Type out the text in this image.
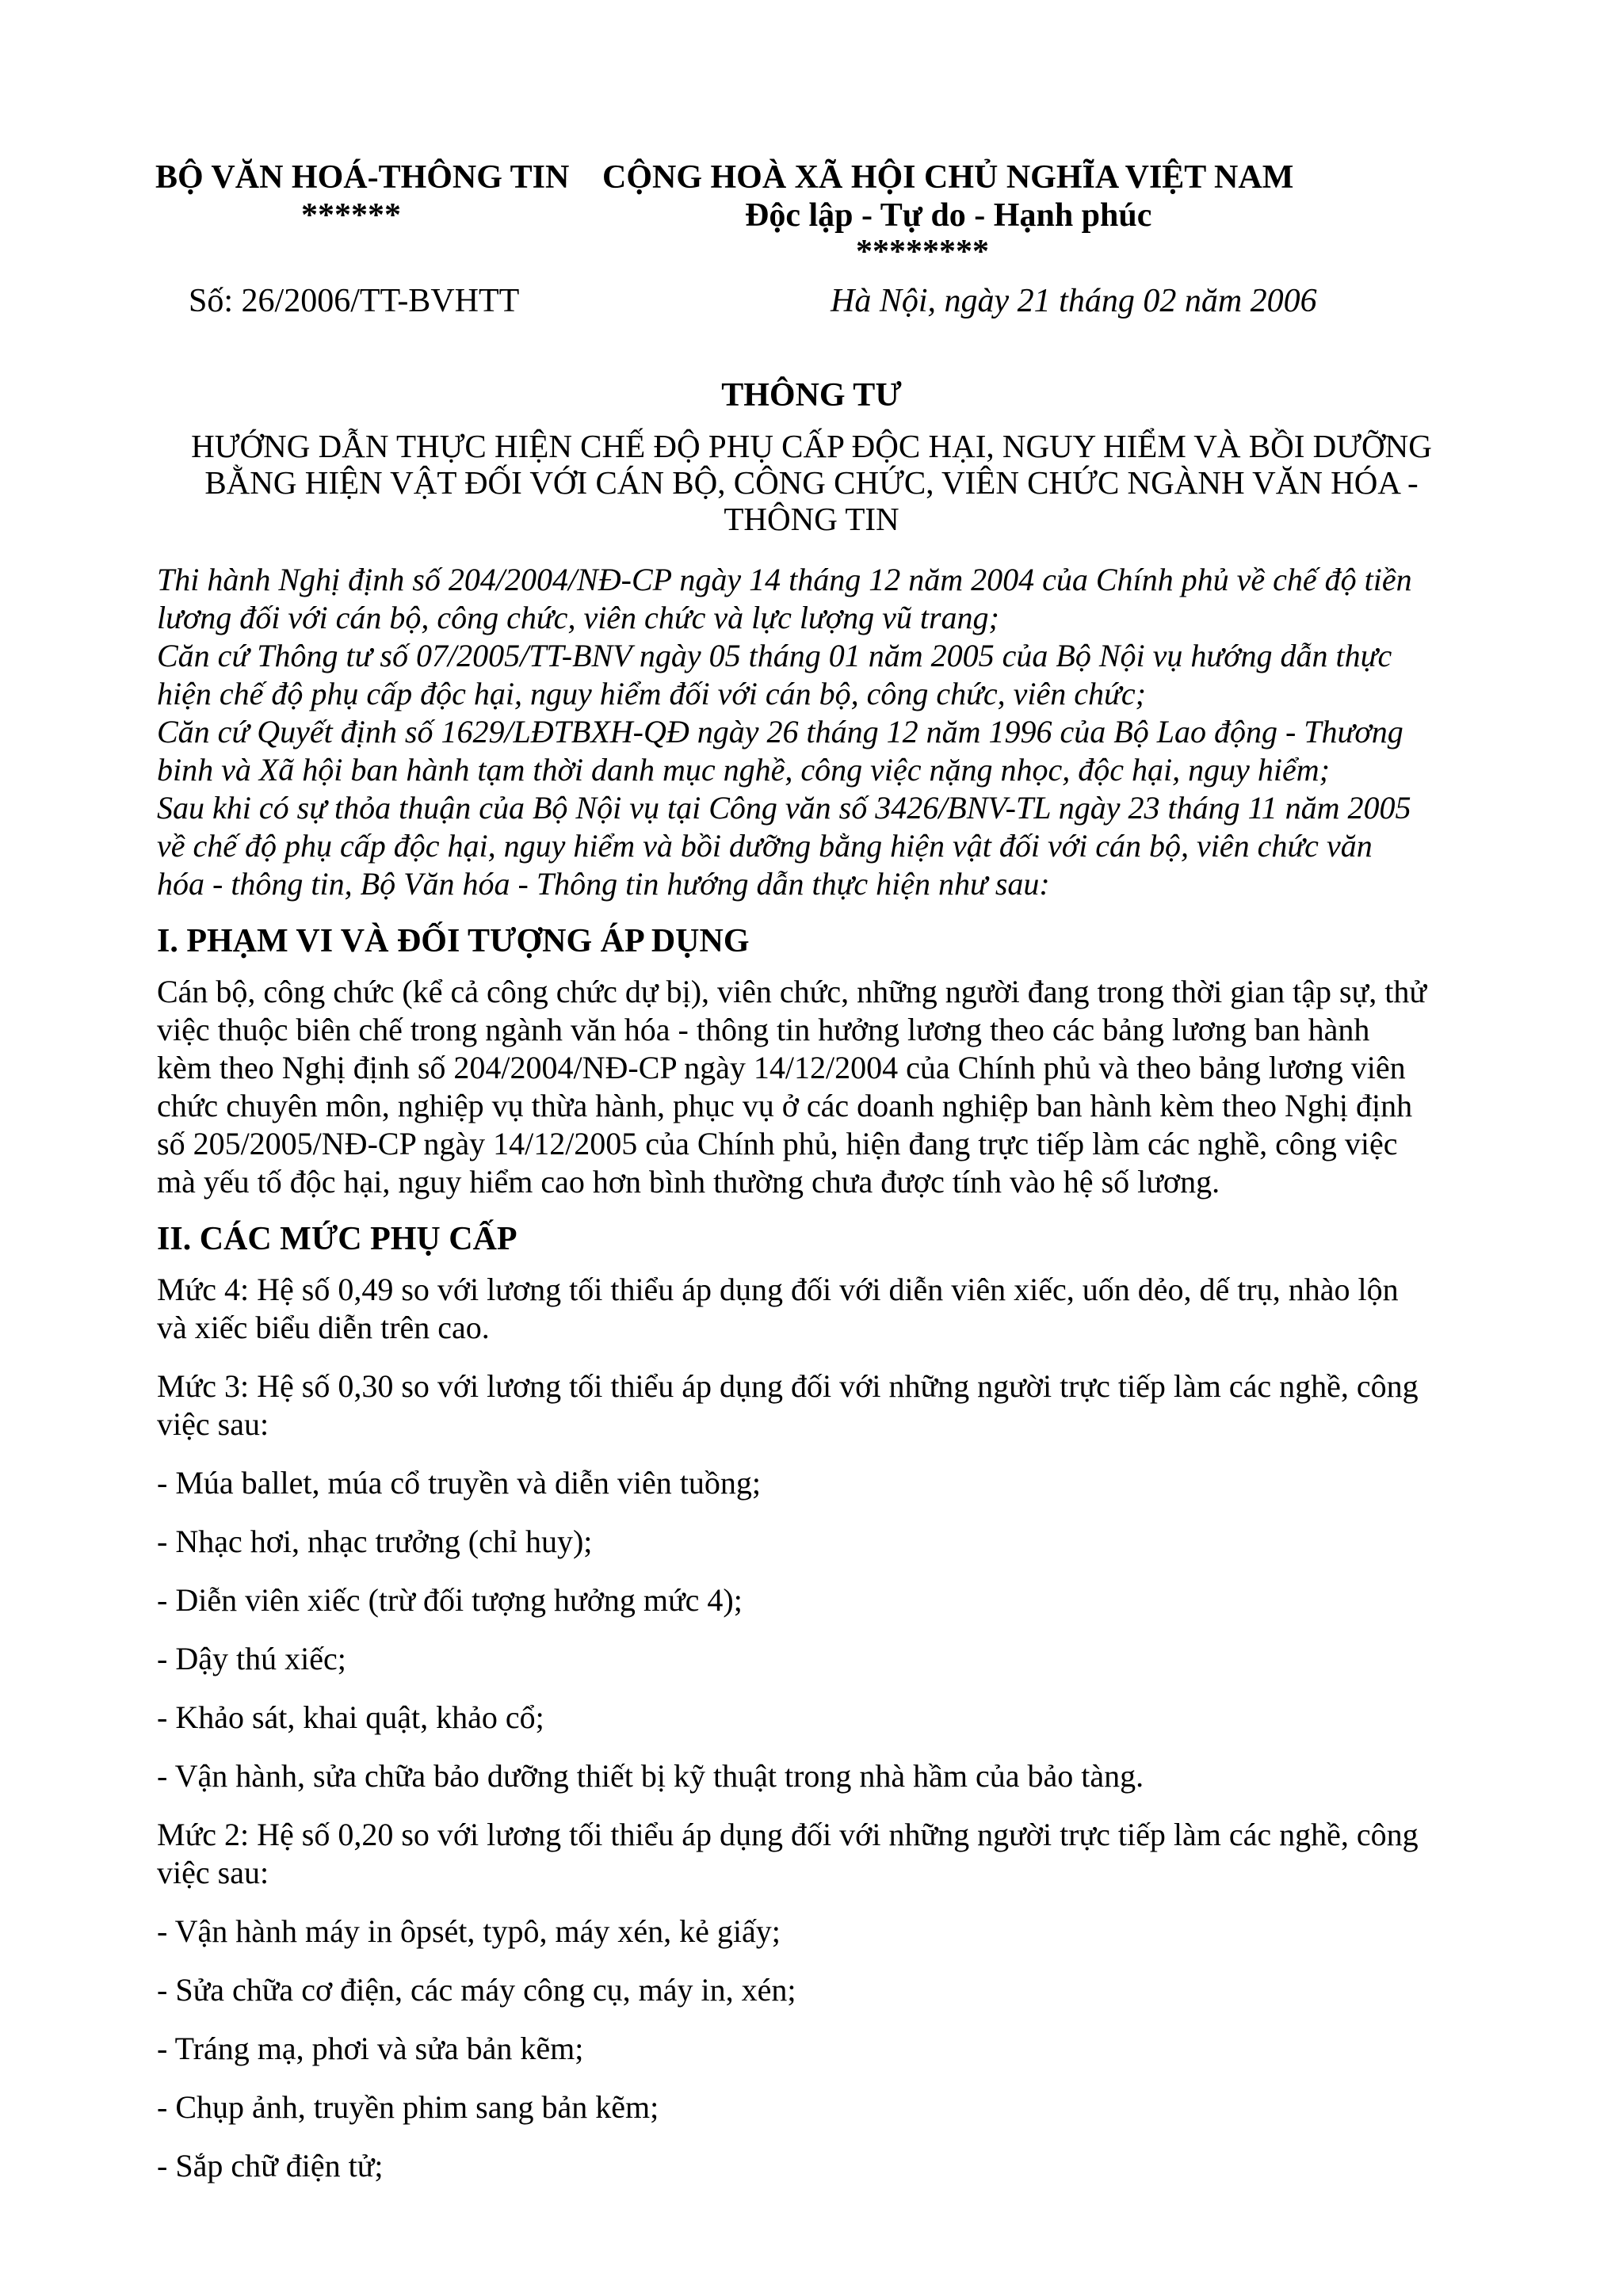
BỘ VĂN HOÁ-THÔNG TIN
******
CỘNG HOÀ XÃ HỘI CHỦ NGHĨA VIỆT NAM
Độc lập - Tự do - Hạnh phúc
********
Số: 26/2006/TT-BVHTT	Hà Nội, ngày 21 tháng 02 năm 2006
THÔNG TƯ
HƯỚNG DẪN THỰC HIỆN CHẾ ĐỘ PHỤ CẤP ĐỘC HẠI, NGUY HIỂM VÀ BỒI DƯỠNG
BẰNG HIỆN VẬT ĐỐI VỚI CÁN BỘ, CÔNG CHỨC, VIÊN CHỨC NGÀNH VĂN HÓA -
THÔNG TIN
Thi hành Nghị định số 204/2004/NĐ-CP ngày 14 tháng 12 năm 2004 của Chính phủ về chế độ tiền
lương đối với cán bộ, công chức, viên chức và lực lượng vũ trang;
Căn cứ Thông tư số 07/2005/TT-BNV ngày 05 tháng 01 năm 2005 của Bộ Nội vụ hướng dẫn thực
hiện chế độ phụ cấp độc hại, nguy hiểm đối với cán bộ, công chức, viên chức;
Căn cứ Quyết định số 1629/LĐTBXH-QĐ ngày 26 tháng 12 năm 1996 của Bộ Lao động - Thương
binh và Xã hội ban hành tạm thời danh mục nghề, công việc nặng nhọc, độc hại, nguy hiểm;
Sau khi có sự thỏa thuận của Bộ Nội vụ tại Công văn số 3426/BNV-TL ngày 23 tháng 11 năm 2005
về chế độ phụ cấp độc hại, nguy hiểm và bồi dưỡng bằng hiện vật đối với cán bộ, viên chức văn
hóa - thông tin, Bộ Văn hóa - Thông tin hướng dẫn thực hiện như sau:
I. PHẠM VI VÀ ĐỐI TƯỢNG ÁP DỤNG
Cán bộ, công chức (kể cả công chức dự bị), viên chức, những người đang trong thời gian tập sự, thử
việc thuộc biên chế trong ngành văn hóa - thông tin hưởng lương theo các bảng lương ban hành
kèm theo Nghị định số 204/2004/NĐ-CP ngày 14/12/2004 của Chính phủ và theo bảng lương viên
chức chuyên môn, nghiệp vụ thừa hành, phục vụ ở các doanh nghiệp ban hành kèm theo Nghị định
số 205/2005/NĐ-CP ngày 14/12/2005 của Chính phủ, hiện đang trực tiếp làm các nghề, công việc
mà yếu tố độc hại, nguy hiểm cao hơn bình thường chưa được tính vào hệ số lương.
II. CÁC MỨC PHỤ CẤP
Mức 4: Hệ số 0,49 so với lương tối thiểu áp dụng đối với diễn viên xiếc, uốn dẻo, dế trụ, nhào lộn
và xiếc biểu diễn trên cao.
Mức 3: Hệ số 0,30 so với lương tối thiểu áp dụng đối với những người trực tiếp làm các nghề, công
việc sau:
- Múa ballet, múa cổ truyền và diễn viên tuồng;
- Nhạc hơi, nhạc trưởng (chỉ huy);
- Diễn viên xiếc (trừ đối tượng hưởng mức 4);
- Dậy thú xiếc;
- Khảo sát, khai quật, khảo cổ;
- Vận hành, sửa chữa bảo dưỡng thiết bị kỹ thuật trong nhà hầm của bảo tàng.
Mức 2: Hệ số 0,20 so với lương tối thiểu áp dụng đối với những người trực tiếp làm các nghề, công
việc sau:
- Vận hành máy in ôpsét, typô, máy xén, kẻ giấy;
- Sửa chữa cơ điện, các máy công cụ, máy in, xén;
- Tráng mạ, phơi và sửa bản kẽm;
- Chụp ảnh, truyền phim sang bản kẽm;
- Sắp chữ điện tử;
